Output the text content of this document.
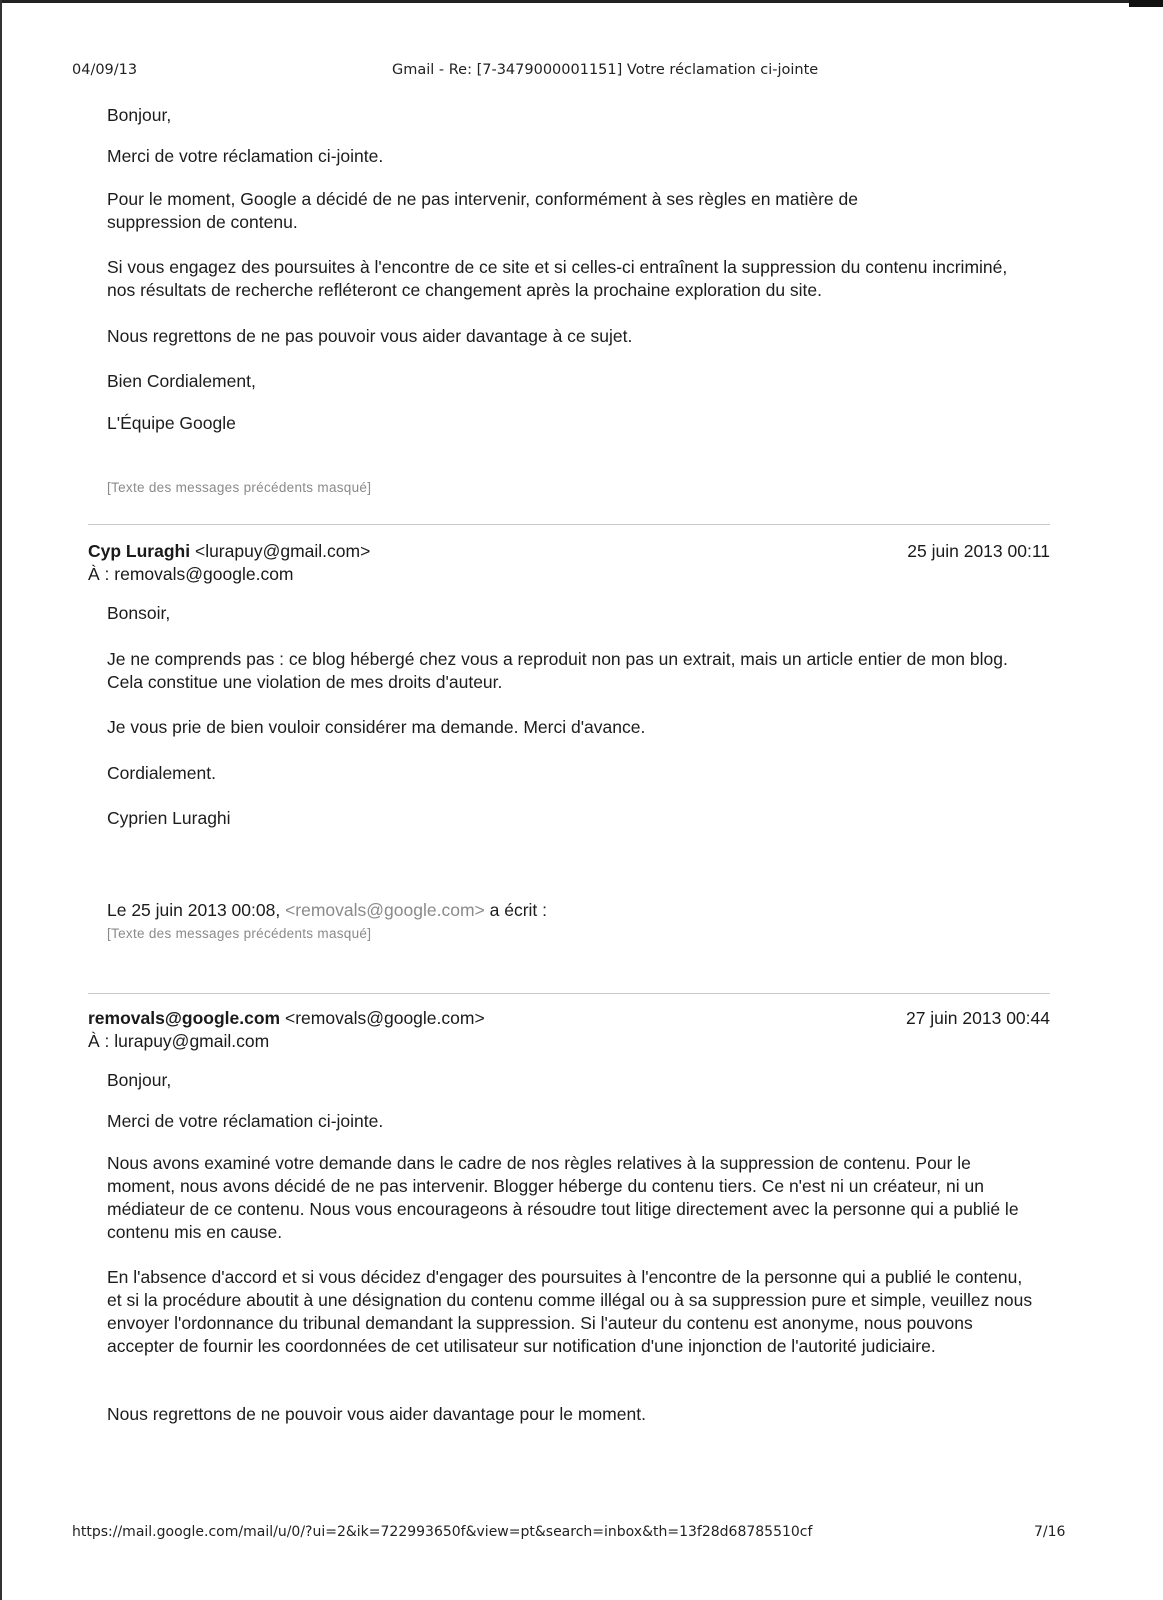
04/09/13	Gmail - Re: [7-3479000001151] Votre réclamation ci-jointe

Bonjour,

Merci de votre réclamation ci-jointe.

Pour le moment, Google a décidé de ne pas intervenir, conformément à ses règles en matière de suppression de contenu.

Si vous engagez des poursuites à l'encontre de ce site et si celles-ci entraînent la suppression du contenu incriminé, nos résultats de recherche refléteront ce changement après la prochaine exploration du site.

Nous regrettons de ne pas pouvoir vous aider davantage à ce sujet.

Bien Cordialement,

L'Équipe Google

[Texte des messages précédents masqué]
Cyp Luraghi <lurapuy@gmail.com>	25 juin 2013 00:11
À : removals@google.com

Bonsoir,

Je ne comprends pas : ce blog hébergé chez vous a reproduit non pas un extrait, mais un article entier de mon blog. Cela constitue une violation de mes droits d'auteur.

Je vous prie de bien vouloir considérer ma demande. Merci d'avance.

Cordialement.

Cyprien Luraghi

Le 25 juin 2013 00:08, <removals@google.com> a écrit :

[Texte des messages précédents masqué]
removals@google.com <removals@google.com>	27 juin 2013 00:44
À : lurapuy@gmail.com

Bonjour,

Merci de votre réclamation ci-jointe.

Nous avons examiné votre demande dans le cadre de nos règles relatives à la suppression de contenu. Pour le moment, nous avons décidé de ne pas intervenir. Blogger héberge du contenu tiers. Ce n'est ni un créateur, ni un médiateur de ce contenu. Nous vous encourageons à résoudre tout litige directement avec la personne qui a publié le contenu mis en cause.

En l'absence d'accord et si vous décidez d'engager des poursuites à l'encontre de la personne qui a publié le contenu, et si la procédure aboutit à une désignation du contenu comme illégal ou à sa suppression pure et simple, veuillez nous envoyer l'ordonnance du tribunal demandant la suppression. Si l'auteur du contenu est anonyme, nous pouvons accepter de fournir les coordonnées de cet utilisateur sur notification d'une injonction de l'autorité judiciaire.

Nous regrettons de ne pouvoir vous aider davantage pour le moment.

https://mail.google.com/mail/u/0/?ui=2&ik=722993650f&view=pt&search=inbox&th=13f28d68785510cf	7/16
